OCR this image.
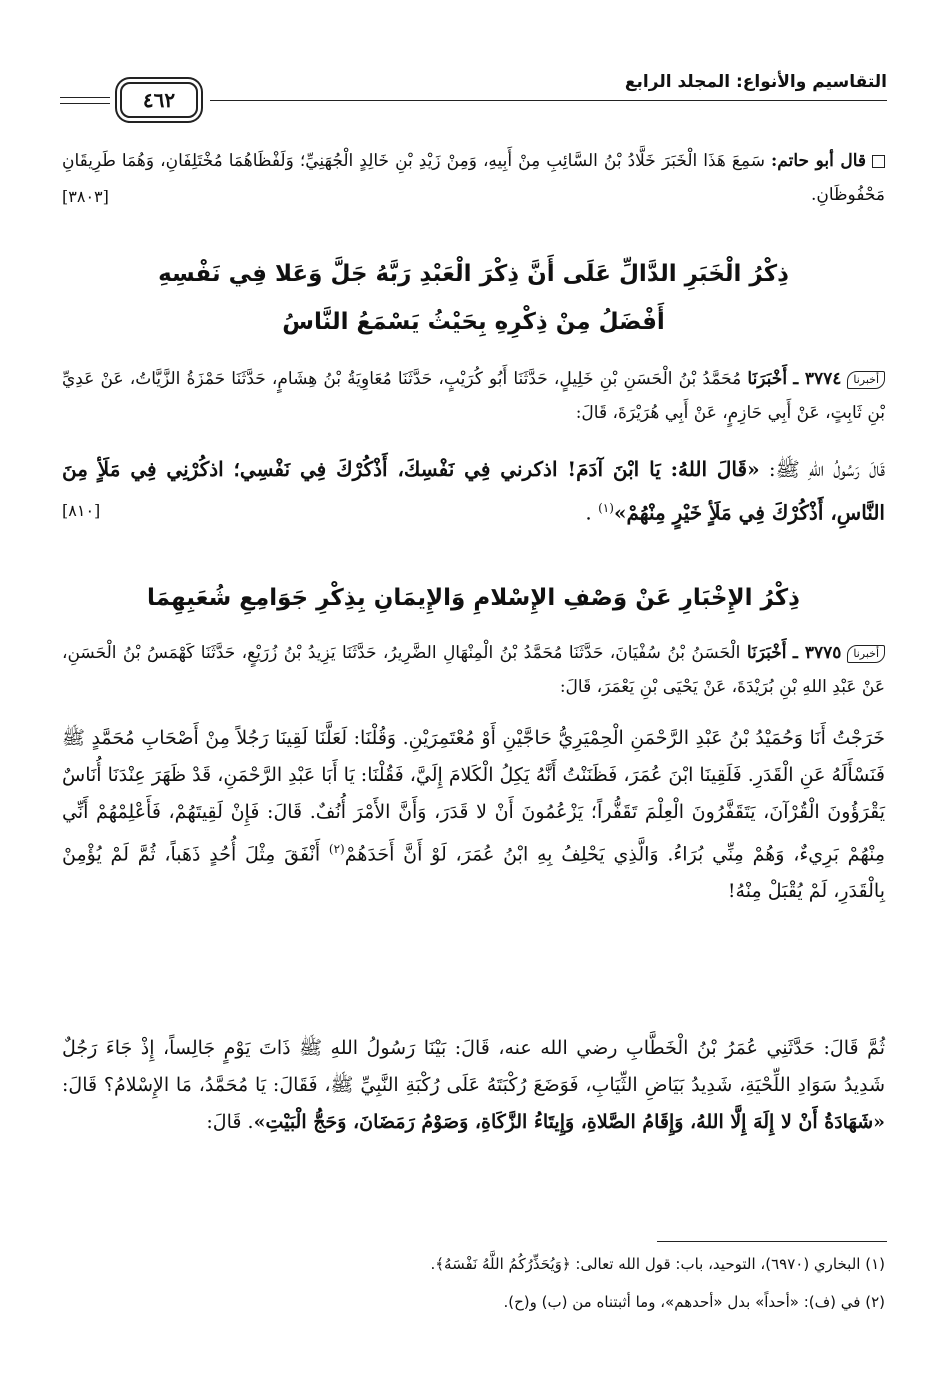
التقاسيم والأنواع: المجلد الرابع
٤٦٢
قال أبو حاتم: سَمِعَ هَذَا الْخَبَرَ خَلَّادُ بْنُ السَّائِبِ مِنْ أَبِيهِ، وَمِنْ زَيْدِ بْنِ خَالِدٍ الْجُهَنِيِّ؛ وَلَفْظَاهُمَا مُخْتَلِفَانِ، وَهُمَا طَرِيقَانِ مَحْفُوظَانِ.
[٣٨٠٣]
ذِكْرُ الْخَبَرِ الدَّالِّ عَلَى أَنَّ ذِكْرَ الْعَبْدِ رَبَّهُ جَلَّ وَعَلا فِي نَفْسِهِ
أَفْضَلُ مِنْ ذِكْرِهِ بِحَيْثُ يَسْمَعُ النَّاسُ
أخبرنا٣٧٧٤ ـ أَخْبَرَنَا مُحَمَّدُ بْنُ الْحَسَنِ بْنِ خَلِيلٍ، حَدَّثَنَا أَبُو كُرَيْبٍ، حَدَّثَنَا مُعَاوِيَةُ بْنُ هِشَامٍ، حَدَّثَنَا حَمْزَةُ الزَّيَّاتُ، عَنْ عَدِيِّ بْنِ ثَابِتٍ، عَنْ أَبِي حَازِمٍ، عَنْ أَبِي هُرَيْرَةَ، قَالَ:
قَالَ رَسُولُ اللهِ ﷺ: «قَالَ اللهُ: يَا ابْنَ آدَمَ! اذكرني فِي نَفْسِكَ، أَذْكُرْكَ فِي نَفْسِي؛ اذكُرْنِي فِي مَلَأٍ مِنَ النَّاسِ، أَذْكُرْكَ فِي مَلَأٍ خَيْرٍ مِنْهُمْ»$^{(١)}$ .
[٨١٠]
ذِكْرُ الإِخْبَارِ عَنْ وَصْفِ الإِسْلامِ وَالإِيمَانِ بِذِكْرِ جَوَامِعِ شُعَبِهِمَا
أخبرنا٣٧٧٥ ـ أَخْبَرَنَا الْحَسَنُ بْنُ سُفْيَانَ، حَدَّثَنَا مُحَمَّدُ بْنُ الْمِنْهَالِ الضَّرِيرُ، حَدَّثَنَا يَزِيدُ بْنُ زُرَيْعٍ، حَدَّثَنَا كَهْمَسُ بْنُ الْحَسَنِ، عَنْ عَبْدِ اللهِ بْنِ بُرَيْدَةَ، عَنْ يَحْيَى بْنِ يَعْمَرَ، قَالَ:
خَرَجْتُ أَنَا وَحُمَيْدُ بْنُ عَبْدِ الرَّحْمَنِ الْحِمْيَرِيُّ حَاجَّيْنِ أَوْ مُعْتَمِرَيْنِ. وَقُلْنَا: لَعَلَّنَا لَقِينَا رَجُلاً مِنْ أَصْحَابِ مُحَمَّدٍ ﷺ فَنَسْأَلَهُ عَنِ الْقَدَرِ. فَلَقِينَا ابْنَ عُمَرَ، فَظَنَنْتُ أَنَّهُ يَكِلُ الْكَلامَ إِلَيَّ، فَقُلْنَا: يَا أَبَا عَبْدِ الرَّحْمَنِ، قَدْ ظَهَرَ عِنْدَنَا أُنَاسٌ يَقْرَؤُونَ الْقُرْآنَ، يَتَقَفَّرُونَ الْعِلْمَ تَقَفُّراً؛ يَزْعُمُونَ أَنْ لا قَدَرَ، وَأَنَّ الأَمْرَ أُنُفٌ. قَالَ: فَإِنْ لَقِيتَهُمْ، فَأَعْلِمْهُمْ أَنِّي مِنْهُمْ بَرِيءٌ، وَهُمْ مِنِّي بُرَاءُ. وَالَّذِي يَحْلِفُ بِهِ ابْنُ عُمَرَ، لَوْ أَنَّ أَحَدَهُمْ$^{(٢)}$ أَنْفَقَ مِثْلَ أُحُدٍ ذَهَباً، ثُمَّ لَمْ يُؤْمِنْ بِالْقَدَرِ، لَمْ يُقْبَلْ مِنْهُ!
ثُمَّ قَالَ: حَدَّثَنِي عُمَرُ بْنُ الْخَطَّابِ رضي الله عنه، قَالَ: بَيْنَا رَسُولُ اللهِ ﷺ ذَاتَ يَوْمٍ جَالِساً، إِذْ جَاءَ رَجُلٌ شَدِيدُ سَوَادِ اللِّحْيَةِ، شَدِيدُ بَيَاضِ الثِّيَابِ، فَوَضَعَ رُكْبَتَهُ عَلَى رُكْبَةِ النَّبِيِّ ﷺ، فَقَالَ: يَا مُحَمَّدُ، مَا الإِسْلامُ؟ قَالَ: «شَهَادَةُ أَنْ لا إِلَهَ إِلَّا اللهُ، وَإِقَامُ الصَّلاةِ، وَإِيتَاءُ الزَّكَاةِ، وَصَوْمُ رَمَضَانَ، وَحَجُّ الْبَيْتِ». قَالَ:
(١) البخاري (٦٩٧٠)، التوحيد، باب: قول الله تعالى: ﴿وَيُحَذِّرُكُمُ اللَّهُ نَفْسَهُ﴾.
(٢) في (ف): «أحداً» بدل «أحدهم»، وما أثبتناه من (ب) و(ح).
